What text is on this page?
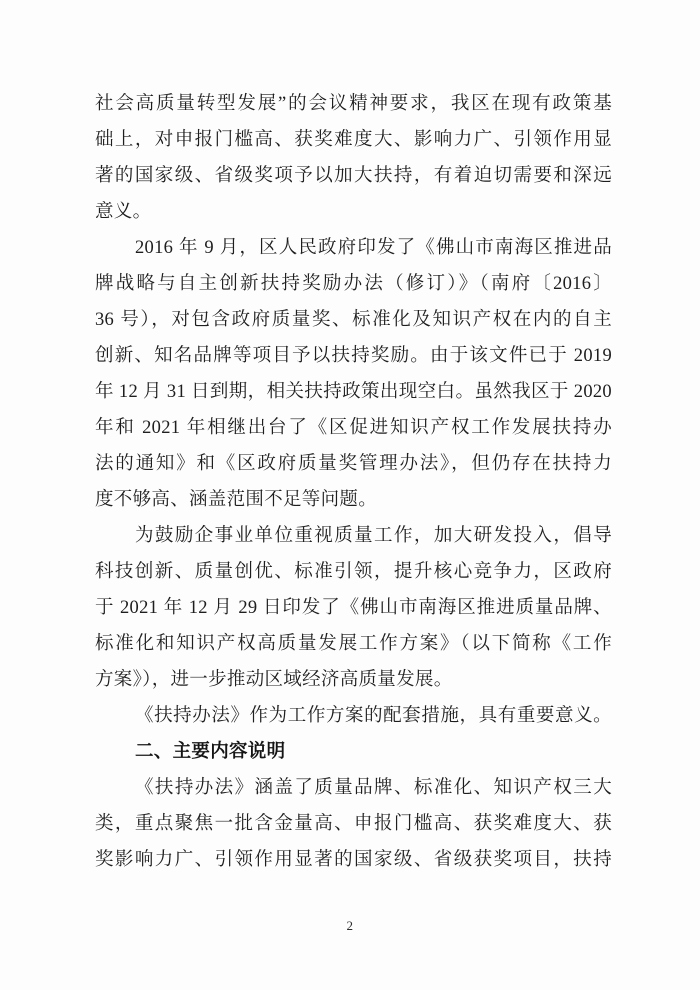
社会高质量转型发展”的会议精神要求，我区在现有政策基
础上，对申报门槛高、获奖难度大、影响力广、引领作用显
著的国家级、省级奖项予以加大扶持，有着迫切需要和深远
意义。
2016 年 9 月，区人民政府印发了《佛山市南海区推进品
牌战略与自主创新扶持奖励办法（修订）》（南府〔2016〕
36 号），对包含政府质量奖、标准化及知识产权在内的自主
创新、知名品牌等项目予以扶持奖励。由于该文件已于 2019
年 12 月 31 日到期，相关扶持政策出现空白。虽然我区于 2020
年和 2021 年相继出台了《区促进知识产权工作发展扶持办
法的通知》和《区政府质量奖管理办法》，但仍存在扶持力
度不够高、涵盖范围不足等问题。
为鼓励企事业单位重视质量工作，加大研发投入，倡导
科技创新、质量创优、标准引领，提升核心竞争力，区政府
于 2021 年 12 月 29 日印发了《佛山市南海区推进质量品牌、
标准化和知识产权高质量发展工作方案》（以下简称《工作
方案》），进一步推动区域经济高质量发展。
《扶持办法》作为工作方案的配套措施，具有重要意义。
二、主要内容说明
《扶持办法》涵盖了质量品牌、标准化、知识产权三大
类，重点聚焦一批含金量高、申报门槛高、获奖难度大、获
奖影响力广、引领作用显著的国家级、省级获奖项目，扶持
2
